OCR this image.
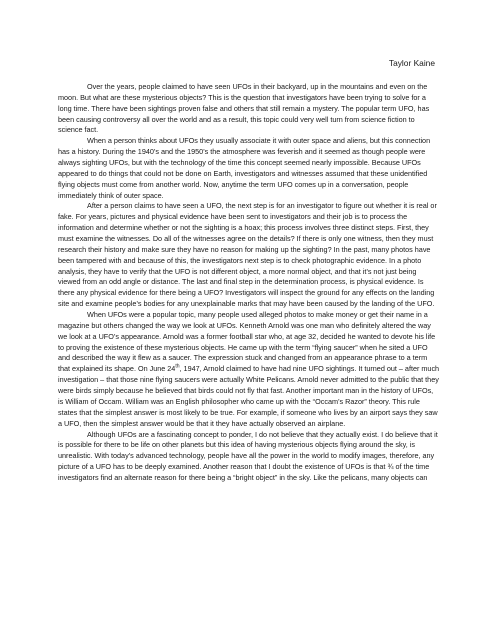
Taylor Kaine

Over the years, people claimed to have seen UFOs in their backyard, up in the mountains and even on the moon. But what are these mysterious objects? This is the question that investigators have been trying to solve for a long time. There have been sightings proven false and others that still remain a mystery. The popular term UFO, has been causing controversy all over the world and as a result, this topic could very well turn from science fiction to science fact.

When a person thinks about UFOs they usually associate it with outer space and aliens, but this connection has a history. During the 1940’s and the 1950’s the atmosphere was feverish and it seemed as though people were always sighting UFOs, but with the technology of the time this concept seemed nearly impossible. Because UFOs appeared to do things that could not be done on Earth, investigators and witnesses assumed that these unidentified flying objects must come from another world. Now, anytime the term UFO comes up in a conversation, people immediately think of outer space.

After a person claims to have seen a UFO, the next step is for an investigator to figure out whether it is real or fake. For years, pictures and physical evidence have been sent to investigators and their job is to process the information and determine whether or not the sighting is a hoax; this process involves three distinct steps. First, they must examine the witnesses. Do all of the witnesses agree on the details? If there is only one witness, then they must research their history and make sure they have no reason for making up the sighting? In the past, many photos have been tampered with and because of this, the investigators next step is to check photographic evidence. In a photo analysis, they have to verify that the UFO is not different object, a more normal object, and that it’s not just being viewed from an odd angle or distance. The last and final step in the determination process, is physical evidence. Is there any physical evidence for there being a UFO? Investigators will inspect the ground for any effects on the landing site and examine people’s bodies for any unexplainable marks that may have been caused by the landing of the UFO.

When UFOs were a popular topic, many people used alleged photos to make money or get their name in a magazine but others changed the way we look at UFOs. Kenneth Arnold was one man who definitely altered the way we look at a UFO’s appearance. Arnold was a former football star who, at age 32, decided he wanted to devote his life to proving the existence of these mysterious objects. He came up with the term “flying saucer” when he sited a UFO and described the way it flew as a saucer. The expression stuck and changed from an appearance phrase to a term that explained its shape. On June 24th, 1947, Arnold claimed to have had nine UFO sightings. It turned out – after much investigation – that those nine flying saucers were actually White Pelicans. Arnold never admitted to the public that they were birds simply because he believed that birds could not fly that fast. Another important man in the history of UFOs, is William of Occam. William was an English philosopher who came up with the “Occam’s Razor” theory. This rule states that the simplest answer is most likely to be true. For example, if someone who lives by an airport says they saw a UFO, then the simplest answer would be that it they have actually observed an airplane.

Although UFOs are a fascinating concept to ponder, I do not believe that they actually exist. I do believe that it is possible for there to be life on other planets but this idea of having mysterious objects flying around the sky, is unrealistic. With today’s advanced technology, people have all the power in the world to modify images, therefore, any picture of a UFO has to be deeply examined. Another reason that I doubt the existence of UFOs is that ¾ of the time investigators find an alternate reason for there being a “bright object” in the sky. Like the pelicans, many objects can
